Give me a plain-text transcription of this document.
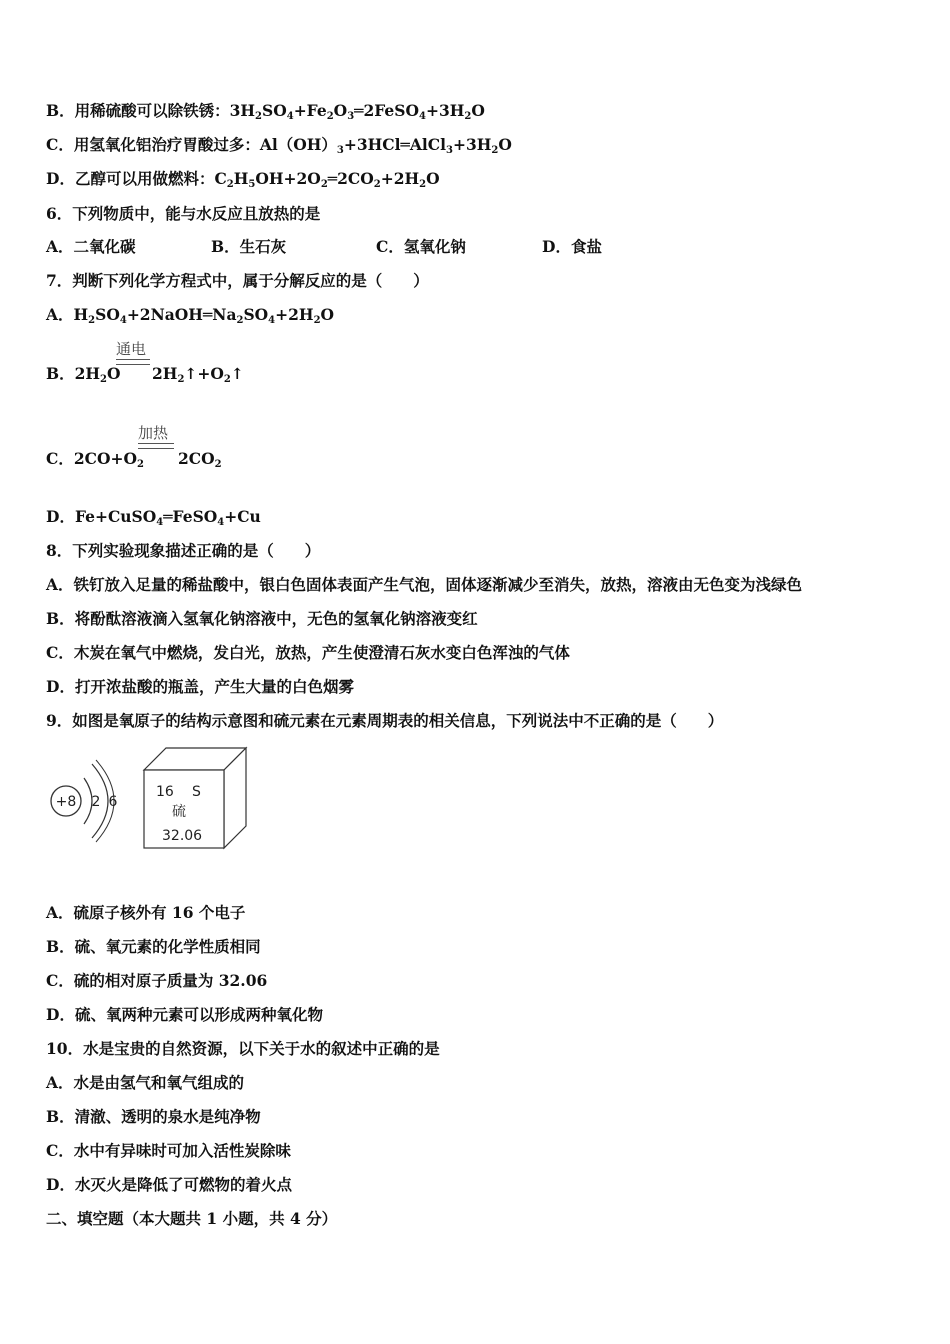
B．用稀硫酸可以除铁锈：$3H_2SO_4+Fe_2O_3═2FeSO_4+3H_2O$
C．用氢氧化铝治疗胃酸过多：$Al(OH)_3+3HCl═AlCl_3+3H_2O$
D．乙醇可以用做燃料：$C_2H_5OH+2O_2═2CO_2+2H_2O$
6．下列物质中，能与水反应且放热的是
A．二氧化碳	B．生石灰	C．氢氧化钠	D．食盐
7．判断下列化学方程式中，属于分解反应的是（　　）
A．$H_2SO_4+2NaOH═Na_2SO_4+2H_2O$
B．$2H_2O$
通电
$2H_2↑+O_2↑$
C．$2CO+O_2$
加热
$2CO_2$
D．Fe+CuSO$_4$═FeSO$_4$+Cu
8．下列实验现象描述正确的是（　　）
A．铁钉放入足量的稀盐酸中，银白色固体表面产生气泡，固体逐渐减少至消失，放热，溶液由无色变为浅绿色
B．将酚酞溶液滴入氢氧化钠溶液中，无色的氢氧化钠溶液变红
C．木炭在氧气中燃烧，发白光，放热，产生使澄清石灰水变白色浑浊的气体
D．打开浓盐酸的瓶盖，产生大量的白色烟雾
9．如图是氧原子的结构示意图和硫元素在元素周期表的相关信息，下列说法中不正确的是（　　）
+8 2 6
16 S
硫
32.06
A．硫原子核外有 16 个电子
B．硫、氧元素的化学性质相同
C．硫的相对原子质量为 32.06
D．硫、氧两种元素可以形成两种氧化物
10．水是宝贵的自然资源，以下关于水的叙述中正确的是
A．水是由氢气和氧气组成的
B．清澈、透明的泉水是纯净物
C．水中有异味时可加入活性炭除味
D．水灭火是降低了可燃物的着火点
二、填空题（本大题共 1 小题，共 4 分）
